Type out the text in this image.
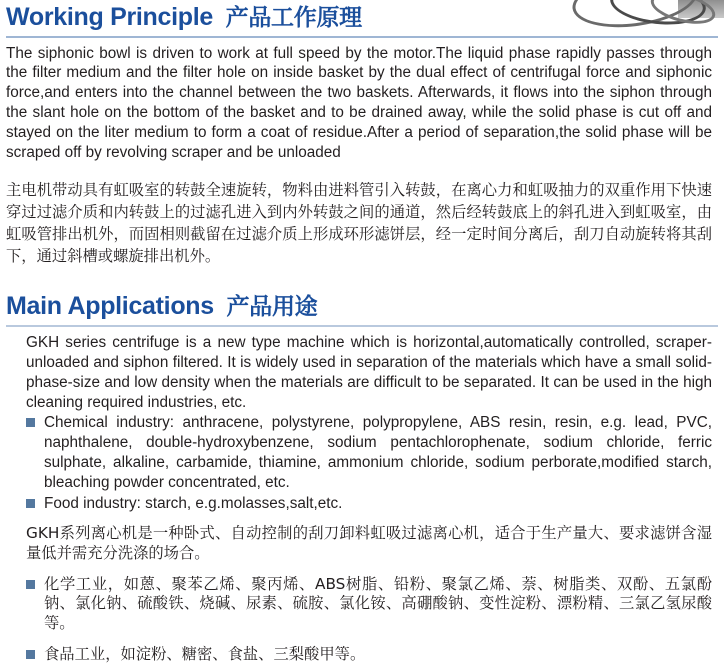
Working Principle 产品工作原理

The siphonic bowl is driven to work at full speed by the motor.The liquid phase rapidly passes through the filter medium and the filter hole on inside basket by the dual effect of centrifugal force and siphonic force,and enters into the channel between the two baskets. Afterwards, it flows into the siphon through the slant hole on the bottom of the basket and to be drained away, while the solid phase is cut off and stayed on the liter medium to form a coat of residue.After a period of separation,the solid phase will be scraped off by revolving scraper and be unloaded

主电机带动具有虹吸室的转鼓全速旋转，物料由进料管引入转鼓，在离心力和虹吸抽力的双重作用下快速穿过过滤介质和内转鼓上的过滤孔进入到内外转鼓之间的通道，然后经转鼓底上的斜孔进入到虹吸室，由虹吸管排出机外，而固相则截留在过滤介质上形成环形滤饼层，经一定时间分离后，刮刀自动旋转将其刮下，通过斜槽或螺旋排出机外。

Main Applications 产品用途

GKH series centrifuge is a new type machine which is horizontal,automatically controlled, scraper-unloaded and siphon filtered. It is widely used in separation of the materials which have a small solid-phase-size and low density when the materials are difficult to be separated. It can be used in the high cleaning required industries, etc.

Chemical industry: anthracene, polystyrene, polypropylene, ABS resin, resin, e.g. lead, PVC, naphthalene, double-hydroxybenzene, sodium pentachlorophenate, sodium chloride, ferric sulphate, alkaline, carbamide, thiamine, ammonium chloride, sodium perborate,modified starch, bleaching powder concentrated, etc.

Food industry: starch, e.g.molasses,salt,etc.

GKH系列离心机是一种卧式、自动控制的刮刀卸料虹吸过滤离心机，适合于生产量大、要求滤饼含湿量低并需充分洗涤的场合。

化学工业，如蒽、聚苯乙烯、聚丙烯、ABS树脂、铅粉、聚氯乙烯、萘、树脂类、双酚、五氯酚钠、氯化钠、硫酸铁、烧碱、尿素、硫胺、氯化铵、高硼酸钠、变性淀粉、漂粉精、三氯乙氢尿酸等。

食品工业，如淀粉、糖密、食盐、三梨酸甲等。
